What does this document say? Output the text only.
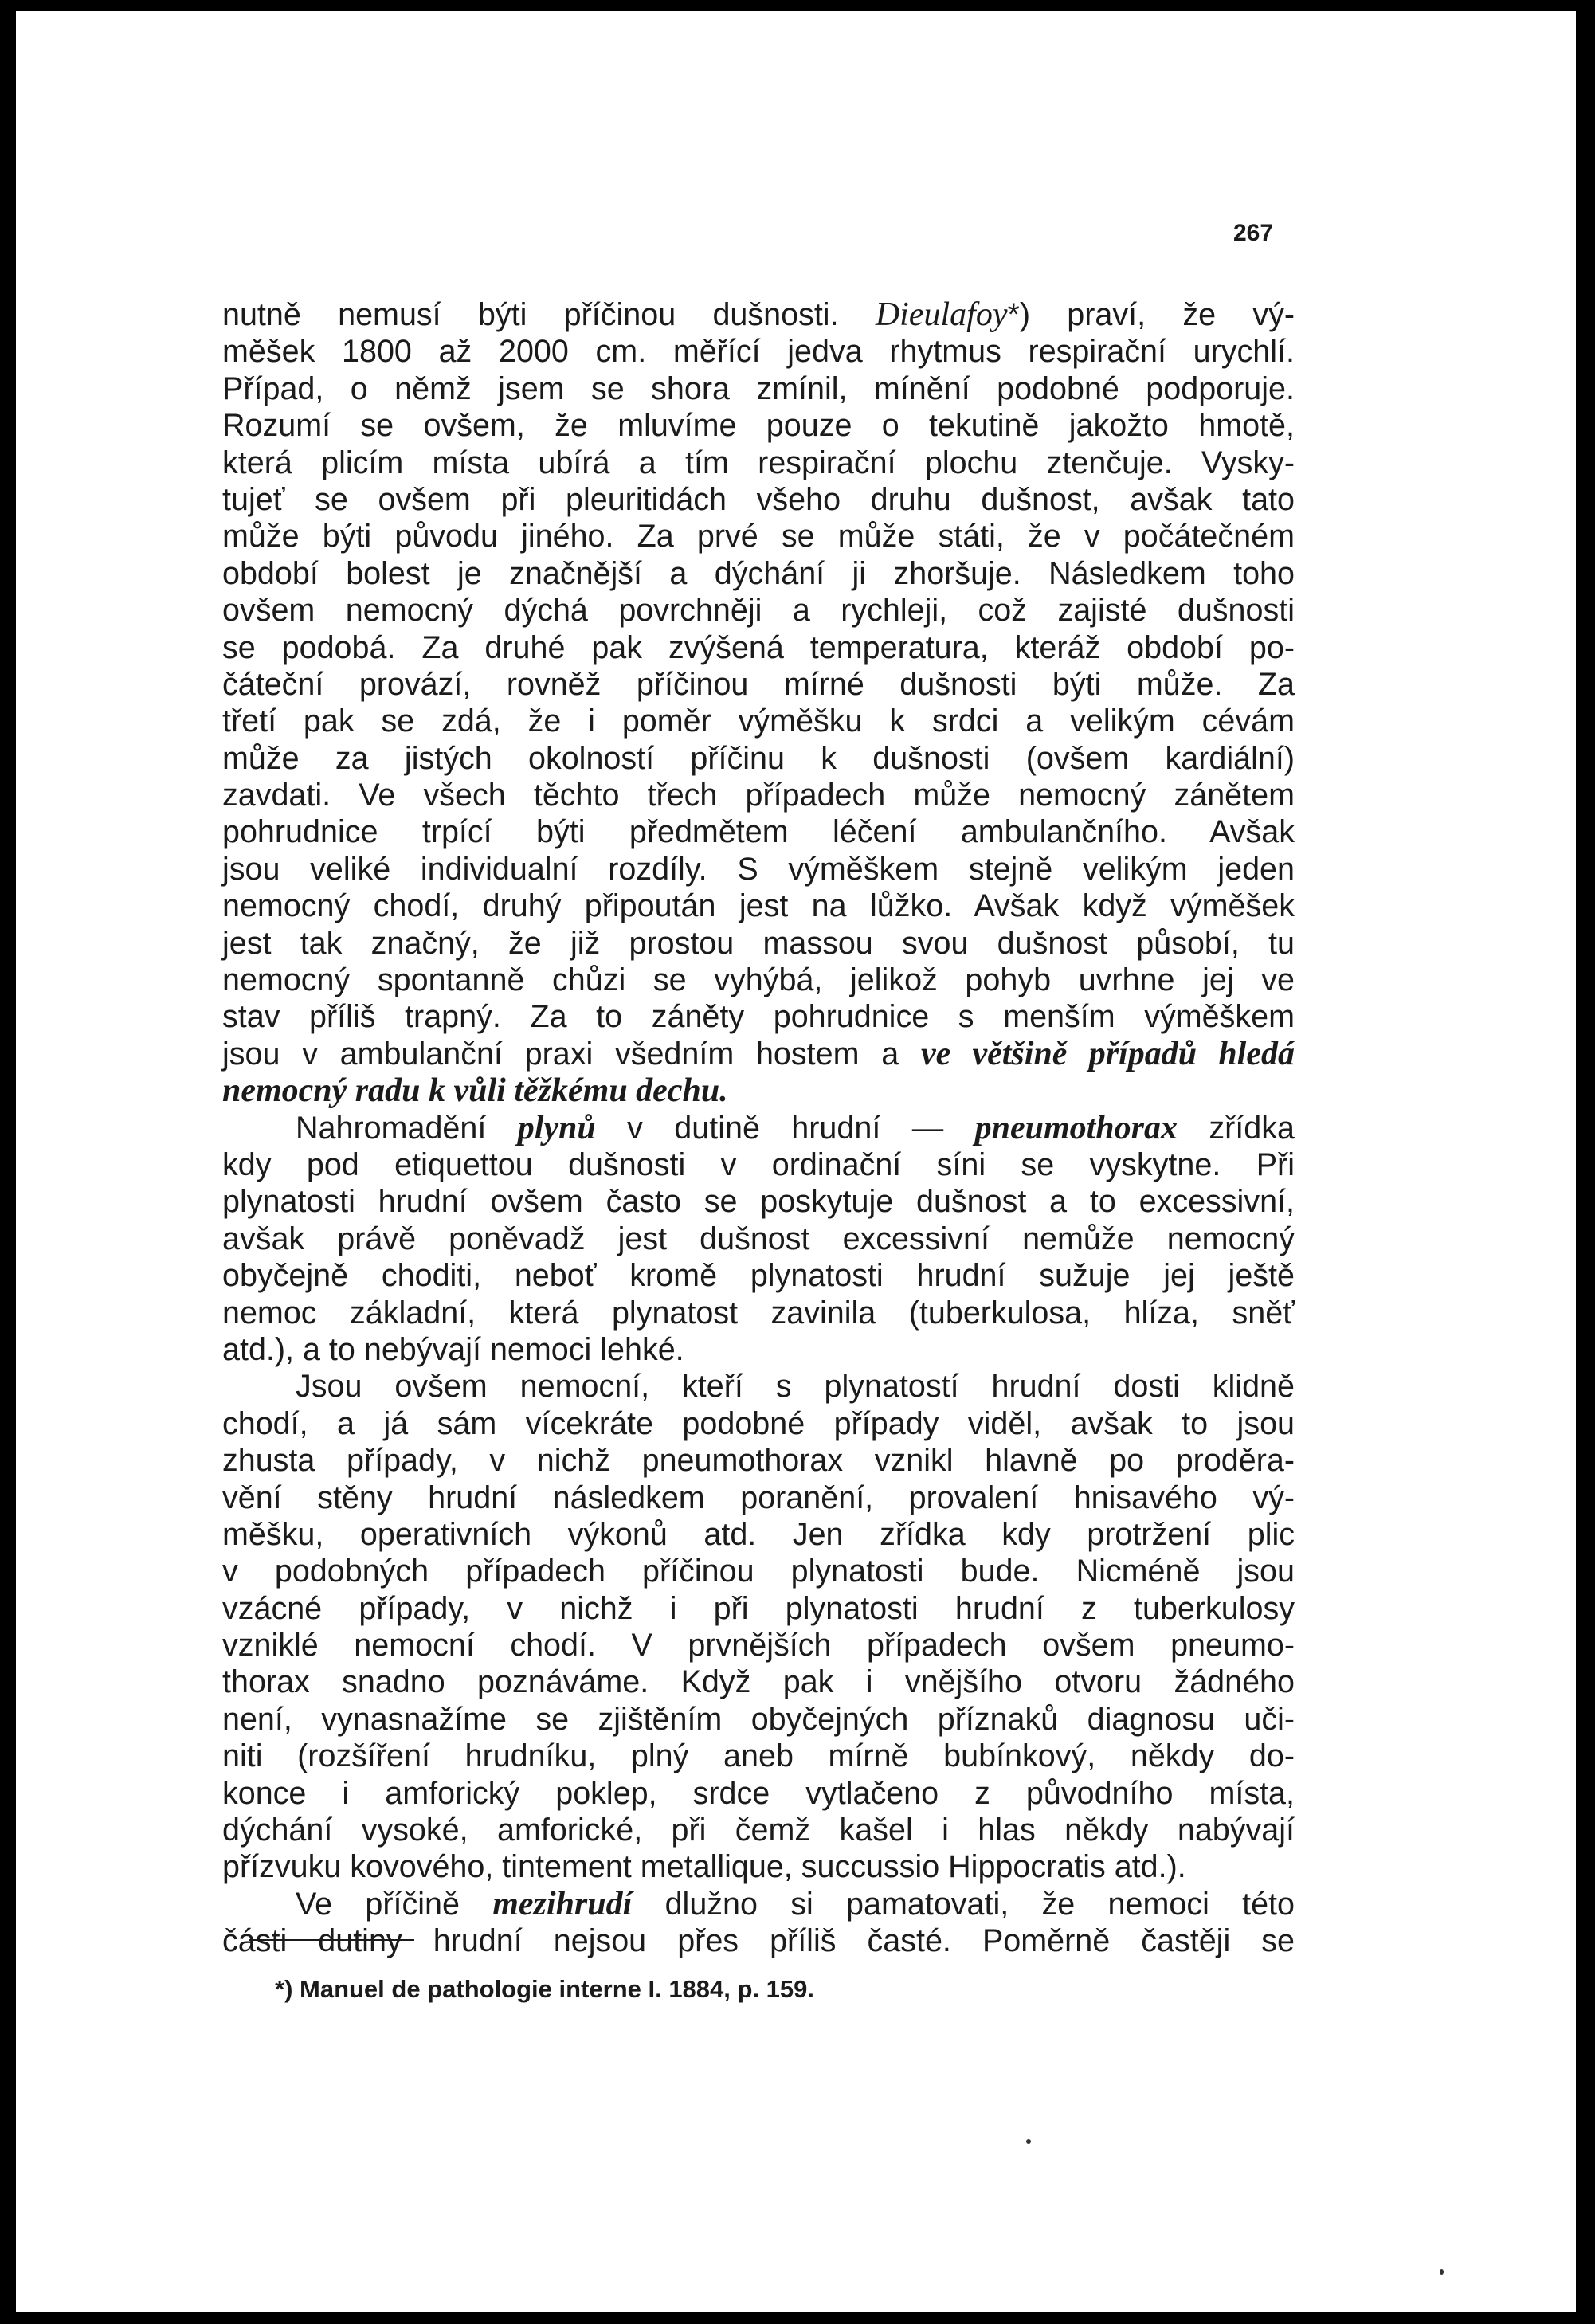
267
nutně nemusí býti příčinou dušnosti. Dieulafoy*) praví, že vý-
měšek 1800 až 2000 cm. měřící jedva rhytmus respirační urychlí.
Případ, o němž jsem se shora zmínil, mínění podobné podporuje.
Rozumí se ovšem, že mluvíme pouze o tekutině jakožto hmotě,
která plicím místa ubírá a tím respirační plochu ztenčuje. Vysky-
tujeť se ovšem při pleuritidách všeho druhu dušnost, avšak tato
může býti původu jiného. Za prvé se může státi, že v počátečném
období bolest je značnější a dýchání ji zhoršuje. Následkem toho
ovšem nemocný dýchá povrchněji a rychleji, což zajisté dušnosti
se podobá. Za druhé pak zvýšená temperatura, kteráž období po-
čáteční provází, rovněž příčinou mírné dušnosti býti může. Za
třetí pak se zdá, že i poměr výměšku k srdci a velikým cévám
může za jistých okolností příčinu k dušnosti (ovšem kardiální)
zavdati. Ve všech těchto třech případech může nemocný zánětem
pohrudnice trpící býti předmětem léčení ambulančního. Avšak
jsou veliké individualní rozdíly. S výměškem stejně velikým jeden
nemocný chodí, druhý připoután jest na lůžko. Avšak když výměšek
jest tak značný, že již prostou massou svou dušnost působí, tu
nemocný spontanně chůzi se vyhýbá, jelikož pohyb uvrhne jej ve
stav příliš trapný. Za to záněty pohrudnice s menším výměškem
jsou v ambulanční praxi všedním hostem a ve většině případů hledá
nemocný radu k vůli těžkému dechu.
Nahromadění plynů v dutině hrudní — pneumothorax zřídka
kdy pod etiquettou dušnosti v ordinační síni se vyskytne. Při
plynatosti hrudní ovšem často se poskytuje dušnost a to excessivní,
avšak právě poněvadž jest dušnost excessivní nemůže nemocný
obyčejně choditi, neboť kromě plynatosti hrudní sužuje jej ještě
nemoc základní, která plynatost zavinila (tuberkulosa, hlíza, sněť
atd.), a to nebývají nemoci lehké.
Jsou ovšem nemocní, kteří s plynatostí hrudní dosti klidně
chodí, a já sám vícekráte podobné případy viděl, avšak to jsou
zhusta případy, v nichž pneumothorax vznikl hlavně po proděra-
vění stěny hrudní následkem poranění, provalení hnisavého vý-
měšku, operativních výkonů atd. Jen zřídka kdy protržení plic
v podobných případech příčinou plynatosti bude. Nicméně jsou
vzácné případy, v nichž i při plynatosti hrudní z tuberkulosy
vzniklé nemocní chodí. V prvnějších případech ovšem pneumo-
thorax snadno poznáváme. Když pak i vnějšího otvoru žádného
není, vynasnažíme se zjištěním obyčejných příznaků diagnosu uči-
niti (rozšíření hrudníku, plný aneb mírně bubínkový, někdy do-
konce i amforický poklep, srdce vytlačeno z původního místa,
dýchání vysoké, amforické, při čemž kašel i hlas někdy nabývají
přízvuku kovového, tintement metallique, succussio Hippocratis atd.).
Ve příčině mezihrudí dlužno si pamatovati, že nemoci této
části dutiny hrudní nejsou přes příliš časté. Poměrně častěji se
*) Manuel de pathologie interne I. 1884, p. 159.
